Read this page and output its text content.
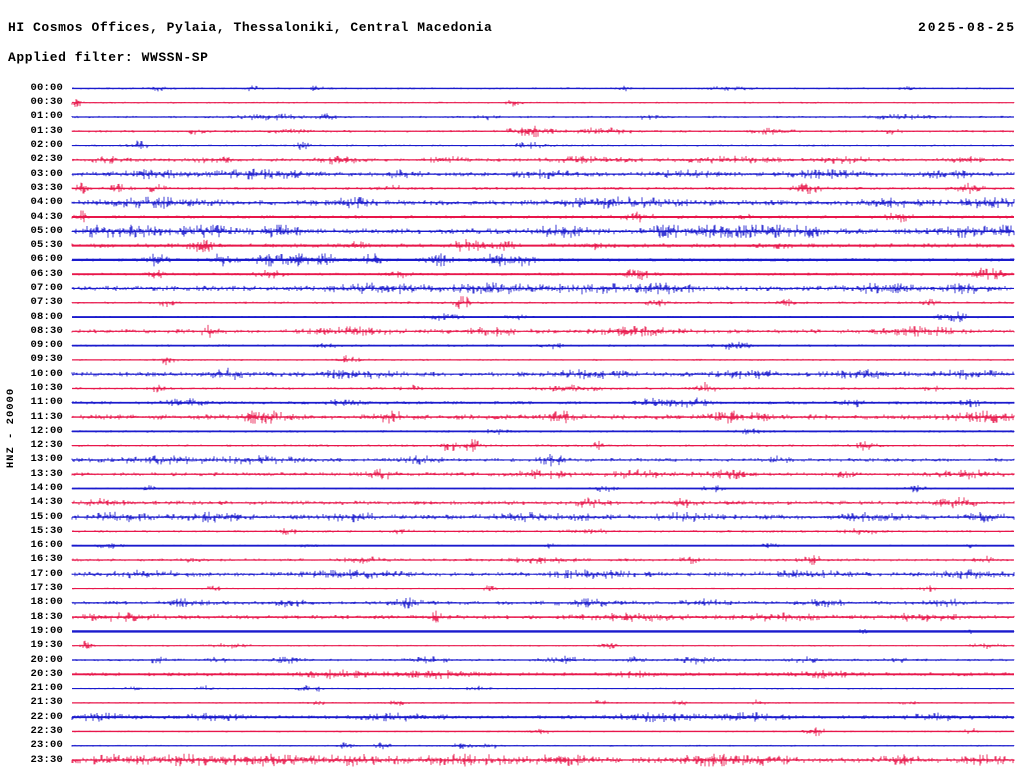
HI Cosmos Offices, Pylaia, Thessaloniki, Central Macedonia	2025-08-25
Applied filter: WWSSN-SP
HNZ - 20000
00:00
00:30
01:00
01:30
02:00
02:30
03:00
03:30
04:00
04:30
05:00
05:30
06:00
06:30
07:00
07:30
08:00
08:30
09:00
09:30
10:00
10:30
11:00
11:30
12:00
12:30
13:00
13:30
14:00
14:30
15:00
15:30
16:00
16:30
17:00
17:30
18:00
18:30
19:00
19:30
20:00
20:30
21:00
21:30
22:00
22:30
23:00
23:30
